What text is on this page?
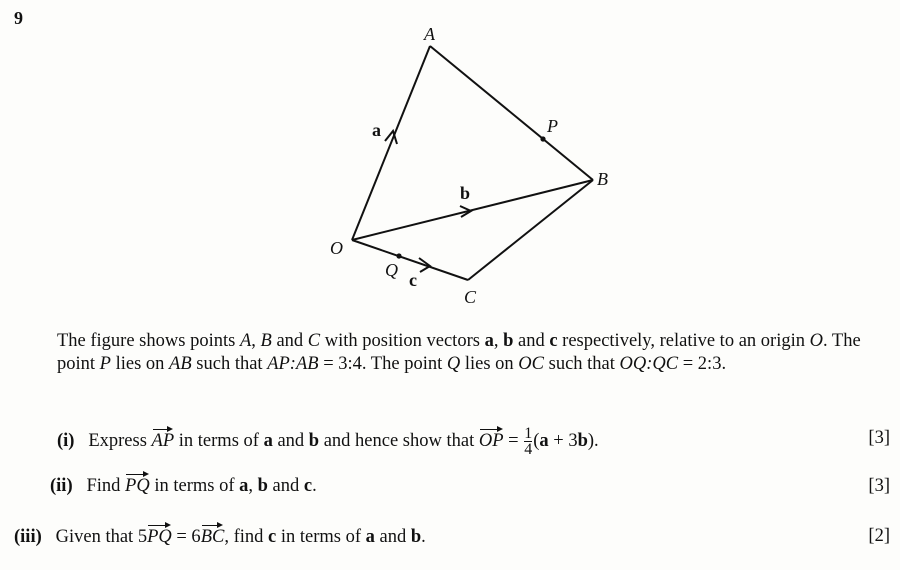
9
A
B
C
O
P
Q
a
b
c

The figure shows points A, B and C with position vectors a, b and c respectively, relative to an origin O. The point P lies on AB such that AP:AB = 3:4. The point Q lies on OC such that OQ:QC = 2:3.

(i) Express AP in terms of a and b and hence show that OP = $\frac{1}{4} (a + 3b)$.	[3]
(ii) Find PQ in terms of a, b and c.	[3]
(iii) Given that 5PQ = 6BC, find c in terms of a and b.	[2]
